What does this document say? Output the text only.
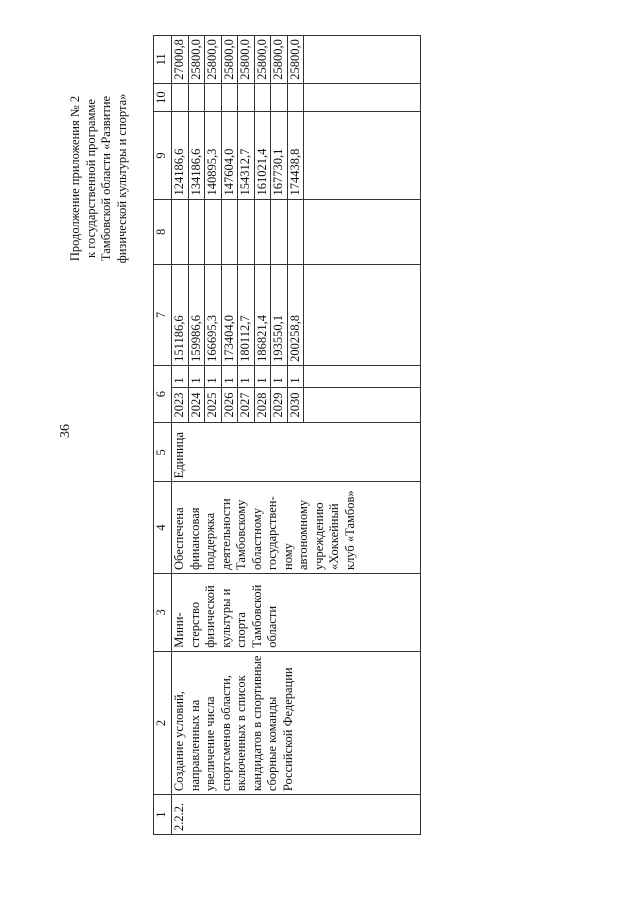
36
Продолжение приложения № 2 к государственной программе Тамбовской области «Развитие физической культуры и спорта»
1	2	3	4	5	6		7	8	9	10	11
2.2.2.	Создание условий, направленных на увеличение числа спортсменов области, включенных в список кандидатов в спортивные сборные команды Российской Федерации	Мини-стерство физической культуры и спорта Тамбовской области	Обеспечена финансовая поддержка деятельности Тамбовскому областному государствен-ному автономному учреждению «Хоккейный клуб «Тамбов»	Единица	2023	1	151186,6		124186,6		27000,8
					2024	1	159986,6		134186,6		25800,0
					2025	1	166695,3		140895,3		25800,0
					2026	1	173404,0		147604,0		25800,0
					2027	1	180112,7		154312,7		25800,0
					2028	1	186821,4		161021,4		25800,0
					2029	1	193550,1		167730,1		25800,0
					2030	1	200258,8		174438,8		25800,0
